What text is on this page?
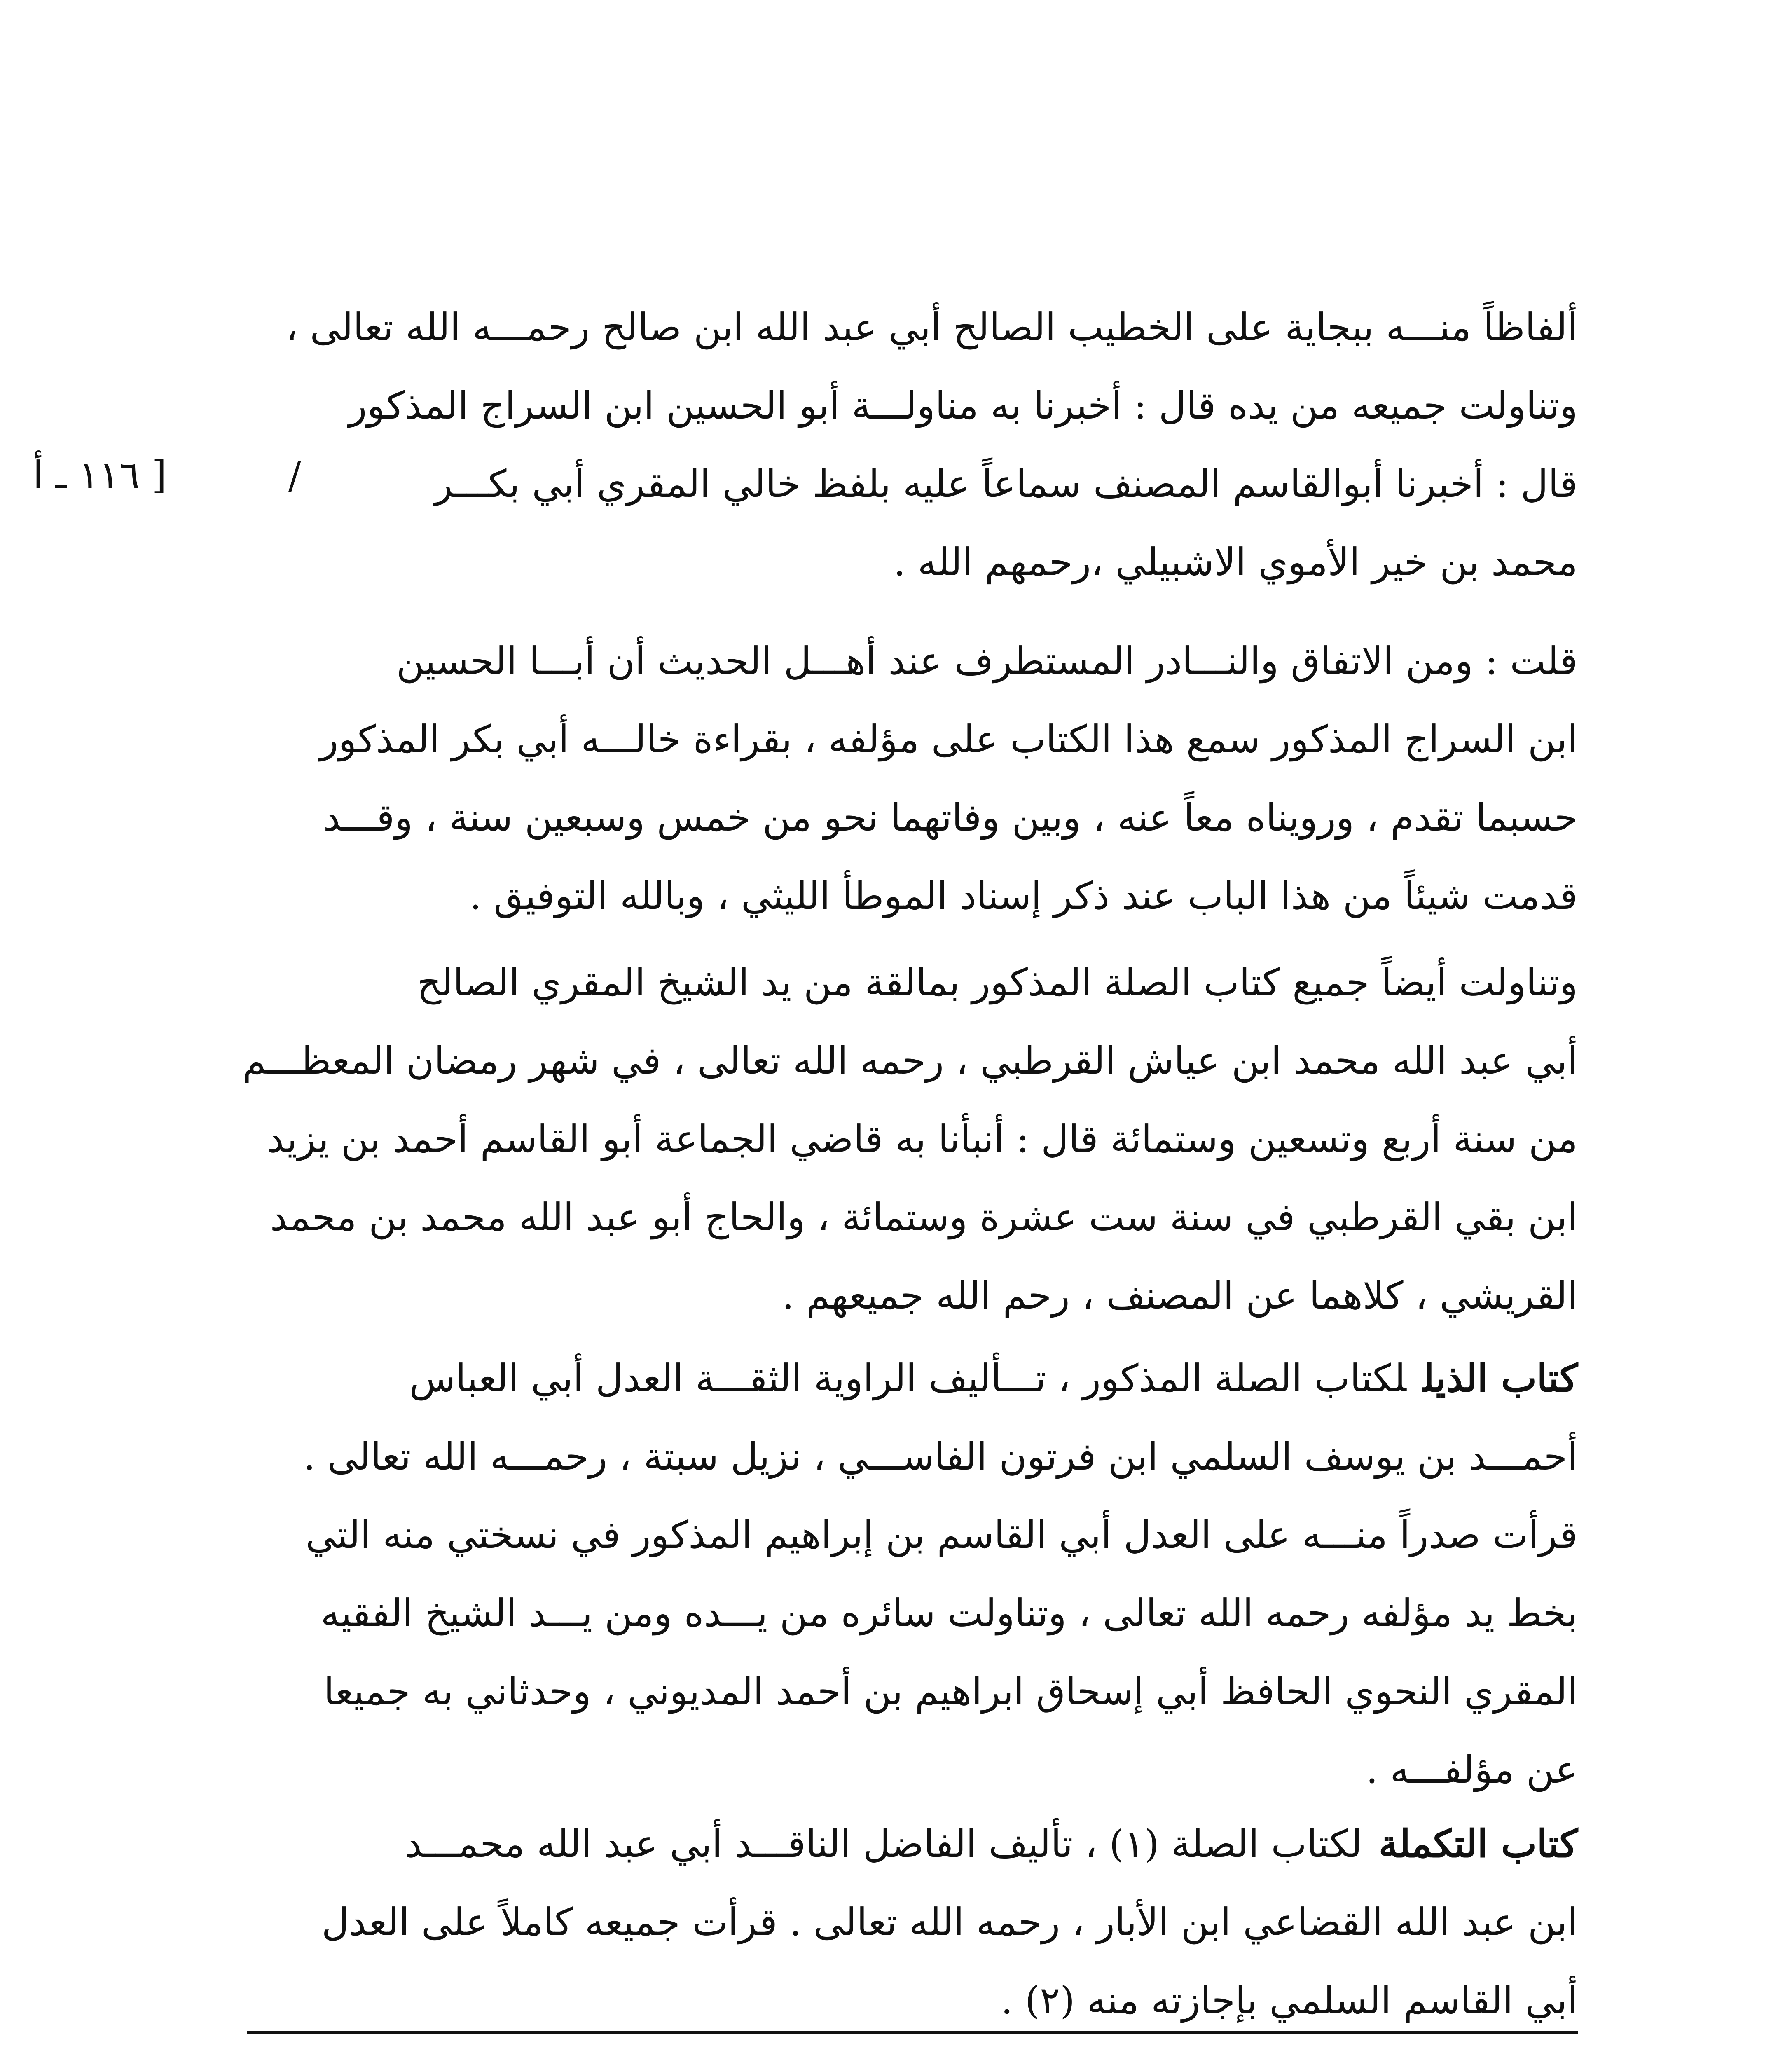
[ ١١٦ ـ أ	/
ألفاظاً منـــه ببجاية على الخطيب الصالح أبي عبد الله ابن صالح رحمـــه الله تعالى ،
وتناولت جميعه من يده قال : أخبرنا به مناولـــة أبو الحسين ابن السراج المذكور
قال : أخبرنا أبوالقاسم المصنف سماعاً عليه بلفظ خالي المقري أبي بكـــر
محمد بن خير الأموي الاشبيلي ،رحمهم الله .
قلت : ومن الاتفاق والنـــادر المستطرف عند أهـــل الحديث أن أبـــا الحسين
ابن السراج المذكور سمع هذا الكتاب على مؤلفه ، بقراءة خالـــه أبي بكر المذكور
حسبما تقدم ، ورويناه معاً عنه ، وبين وفاتهما نحو من خمس وسبعين سنة ، وقـــد
قدمت شيئاً من هذا الباب عند ذكر إسناد الموطأ الليثي ، وبالله التوفيق .
وتناولت أيضاً جميع كتاب الصلة المذكور بمالقة من يد الشيخ المقري الصالح
أبي عبد الله محمد ابن عياش القرطبي ، رحمه الله تعالى ، في شهر رمضان المعظـــم
من سنة أربع وتسعين وستمائة قال : أنبأنا به قاضي الجماعة أبو القاسم أحمد بن يزيد
ابن بقي القرطبي في سنة ست عشرة وستمائة ، والحاج أبو عبد الله محمد بن محمد
القريشي ، كلاهما عن المصنف ، رحم الله جميعهم .
كتاب الذيللكتاب الصلة المذكور ، تـــأليف الراوية الثقـــة العدل أبي العباس
أحمـــد بن يوسف السلمي ابن فرتون الفاســـي ، نزيل سبتة ، رحمـــه الله تعالى .
قرأت صدراً منـــه على العدل أبي القاسم بن إبراهيم المذكور في نسختي منه التي
بخط يد مؤلفه رحمه الله تعالى ، وتناولت سائره من يـــده ومن يـــد الشيخ الفقيه
المقري النحوي الحافظ أبي إسحاق ابراهيم بن أحمد المديوني ، وحدثاني به جميعا
عن مؤلفـــه .
كتاب التكملةلكتاب الصلة (١) ، تأليف الفاضل الناقـــد أبي عبد الله محمـــد
ابن عبد الله القضاعي ابن الأبار ، رحمه الله تعالى . قرأت جميعه كاملاً على العدل
أبي القاسم السلمي بإجازته منه (٢) .
